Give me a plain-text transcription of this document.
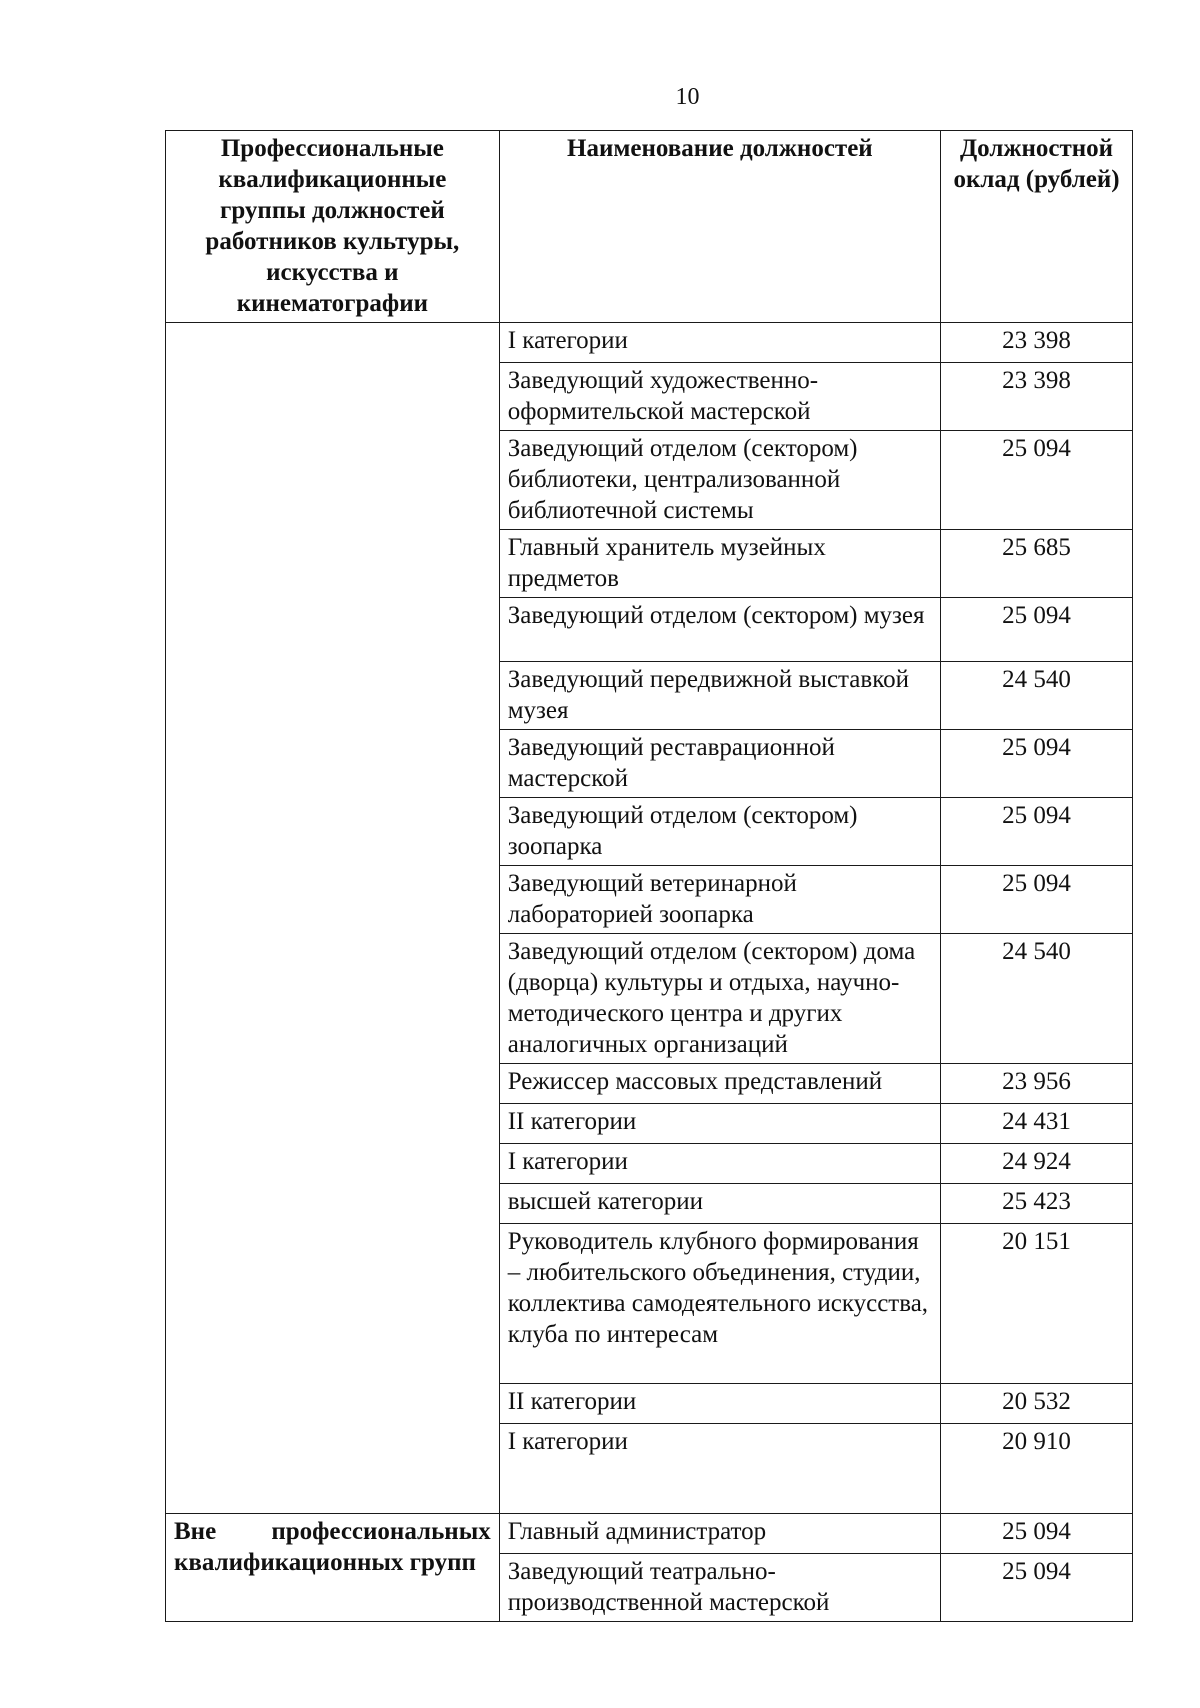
10
Профессиональные квалификационные группы должностей работников культуры, искусства и кинематографии	Наименование должностей	Должностной оклад (рублей)
	I категории	23 398
	Заведующий художественно-оформительской мастерской	23 398
	Заведующий отделом (сектором) библиотеки, централизованной библиотечной системы	25 094
	Главный хранитель музейных предметов	25 685
	Заведующий отделом (сектором) музея	25 094
	Заведующий передвижной выставкой музея	24 540
	Заведующий реставрационной мастерской	25 094
	Заведующий отделом (сектором) зоопарка	25 094
	Заведующий ветеринарной лабораторией зоопарка	25 094
	Заведующий отделом (сектором) дома (дворца) культуры и отдыха, научно-методического центра и других аналогичных организаций	24 540
	Режиссер массовых представлений	23 956
	II категории	24 431
	I категории	24 924
	высшей категории	25 423
	Руководитель клубного формирования – любительского объединения, студии, коллектива самодеятельного искусства, клуба по интересам	20 151
	II категории	20 532
	I категории	20 910
Вне профессиональных квалификационных групп	Главный администратор	25 094
	Заведующий театрально-производственной мастерской	25 094
